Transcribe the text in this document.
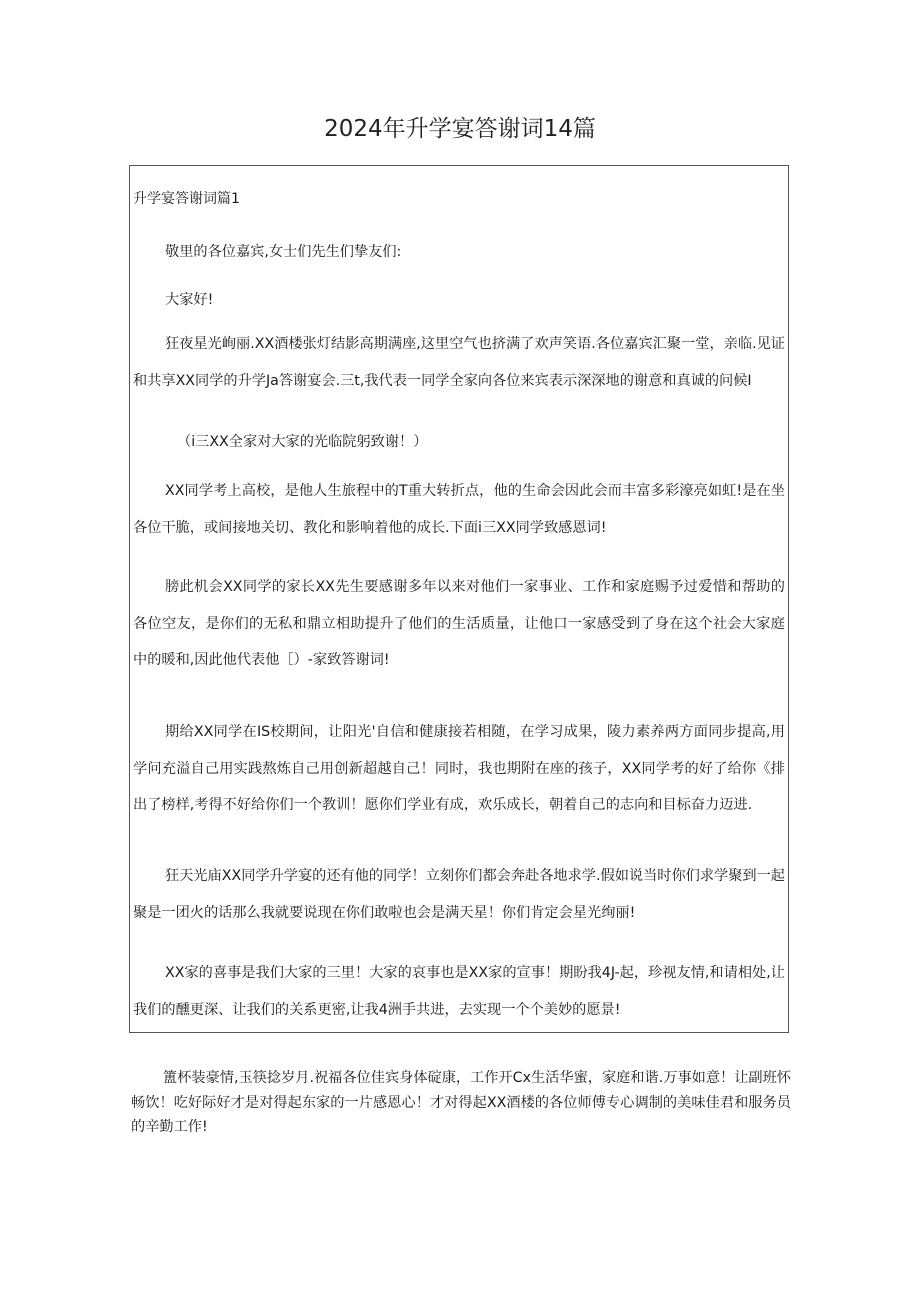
2024年升学宴答谢词14篇
升学宴答谢词篇1

敬里的各位嘉宾,女士们先生们挚友们:

大家好!

狂夜星光峋丽.XX酒楼张灯结影高期满座,这里空气也挤满了欢声笑语.各位嘉宾汇聚一堂，亲临.见证和共享XX同学的升学Ja答谢宴会.三t,我代表一同学全家向各位来宾表示深深地的谢意和真诚的问候I

（i三XX全家对大家的光临院躬致谢！）

XX同学考上高校，是他人生旅程中的T重大转折点，他的生命会因此会而丰富多彩濠亮如虹!是在坐各位干脆，或间接地关切、教化和影响着他的成长.下面i三XX同学致感恩词!

膀此机会XX同学的家长XX先生要感谢多年以来对他们一家事业、工作和家庭赐予过爱惜和帮助的各位空友，是你们的无私和鼎立相助提升了他们的生活质量，让他口一家感受到了身在这个社会大家庭中的暖和,因此他代表他［）-家致答谢词!

期给XX同学在IS校期间，让阳光'自信和健康接若相随，在学习成果，陵力素养两方面同步提高,用学问充溢自己用实践熬炼自己用创新超越自己！同时，我也期附在座的孩子，XX同学考的好了给你《排出了榜样,考得不好给你们一个教训！愿你们学业有成，欢乐成长，朝着自己的志向和目标奋力迈进.

狂天光庙XX同学升学宴的还有他的同学！立刻你们都会奔赴各地求学.假如说当时你们求学聚到一起聚是一团火的话那么我就要说现在你们敢啦也会是满天星！你们肯定会星光绚丽!

XX家的喜事是我们大家的三里！大家的哀事也是XX家的宣事！期盼我4J-起，珍视友情,和请相处,让我们的醺更深、让我们的关系更密,让我4洲手共进，去实现一个个美妙的愿景!

簠杯装豪情,玉筷捻岁月.祝福各位佳宾身体碇康，工作开Cx生活华蜜，家庭和谐.万事如意！让副班怀畅饮！吃好际好才是对得起东家的一片感恩心！才对得起XX酒楼的各位师傅专心调制的美味佳君和服务员的辛勤工作!
